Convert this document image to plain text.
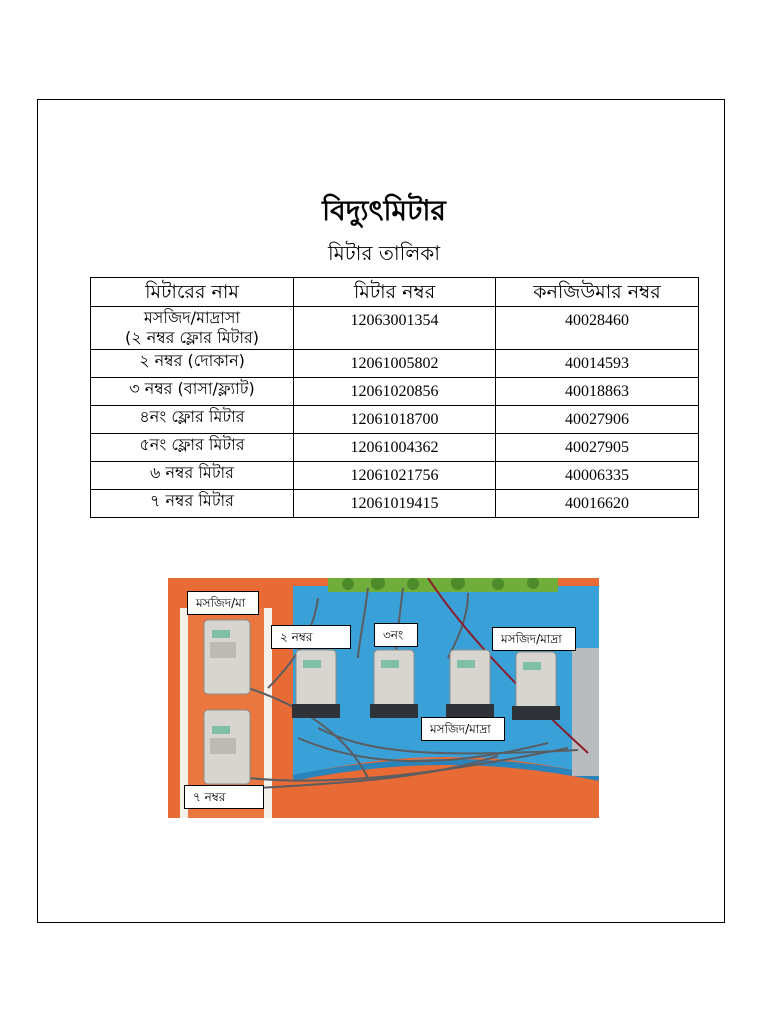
বিদ্যুৎমিটার
মিটার তালিকা
মিটারের নাম	মিটার নম্বর	কনজিউমার নম্বর

মসজিদ/মাদ্রাসা
(২ নম্বর ফ্লোর মিটার)	12063001354	40028460
২ নম্বর (দোকান)	12061005802	40014593
৩ নম্বর (বাসা/ফ্ল্যাট)	12061020856	40018863
৪নং ফ্লোর মিটার	12061018700	40027906
৫নং ফ্লোর মিটার	12061004362	40027905
৬ নম্বর মিটার	12061021756	40006335
৭ নম্বর মিটার	12061019415	40016620
মসজিদ/মা
২ নম্বর	৩নং	মসজিদ/মাদ্রা
মসজিদ/মাদ্রা
৭ নম্বর
